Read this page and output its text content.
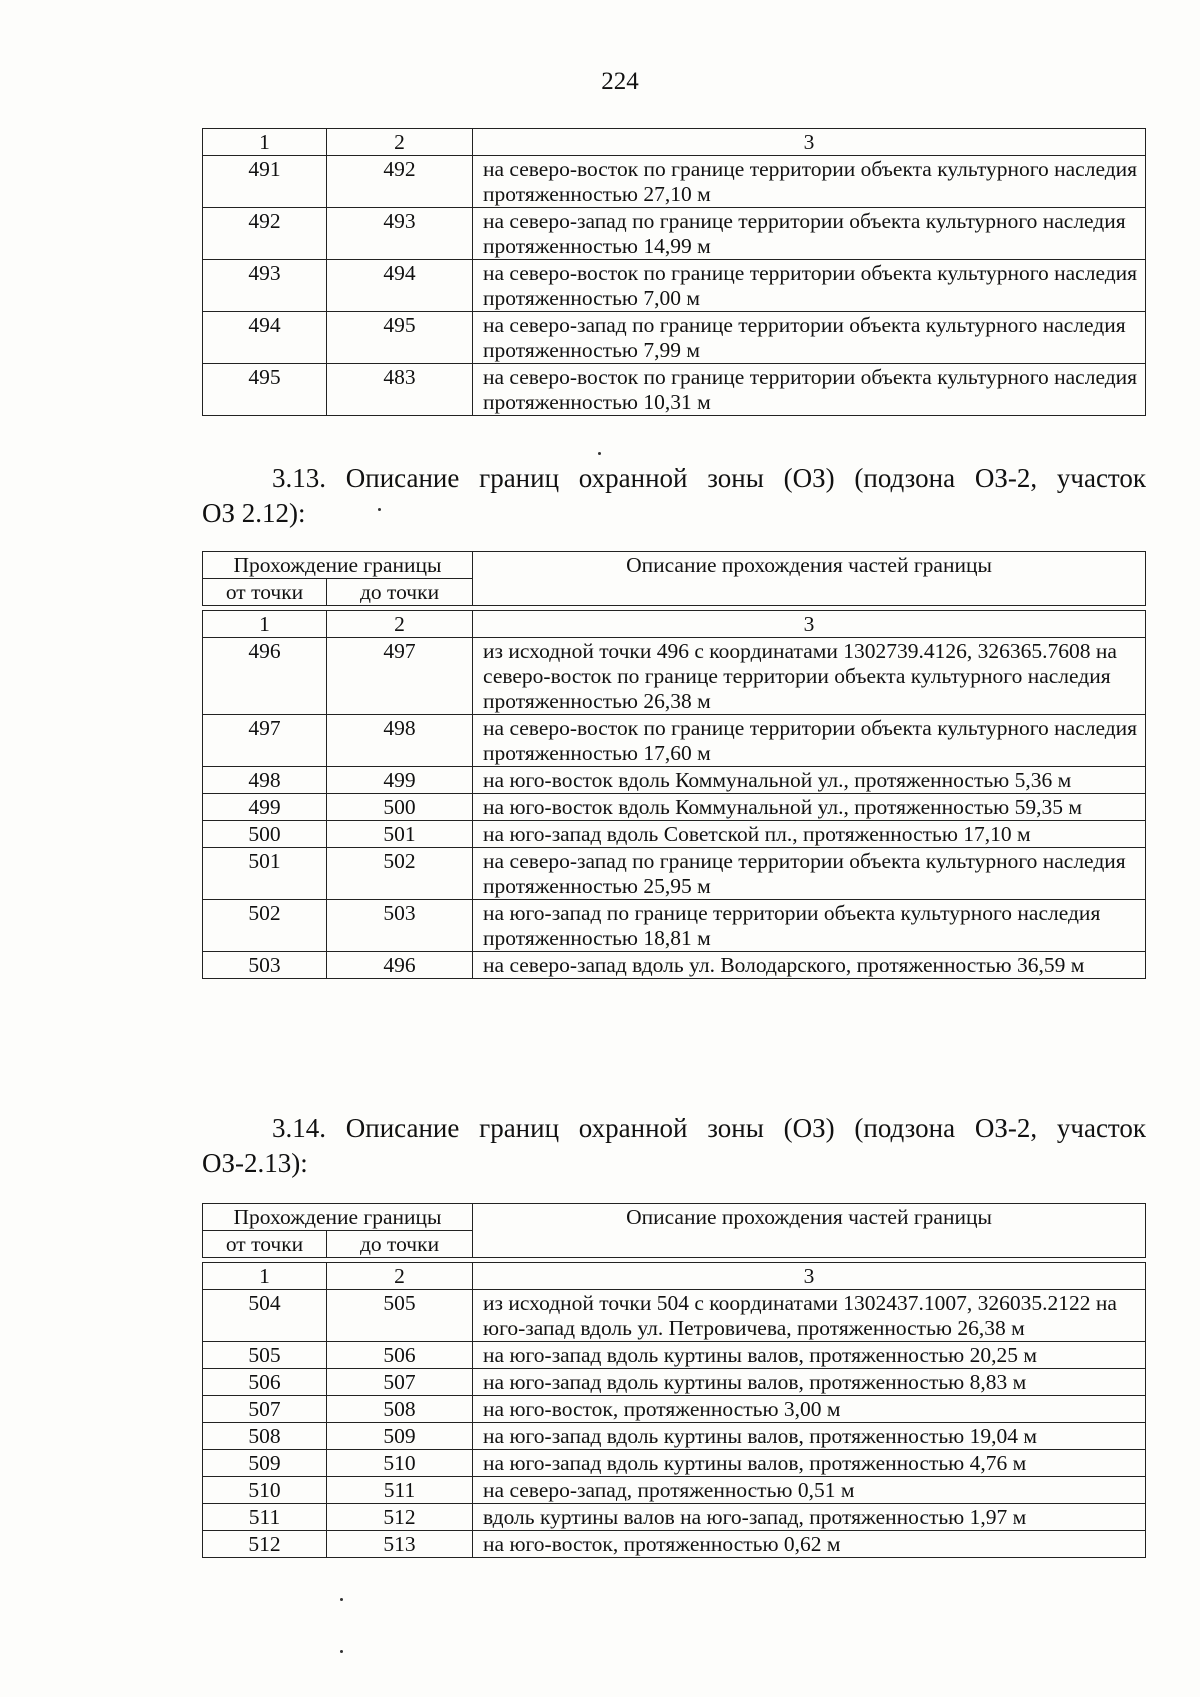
224
1	2	3
491	492	на северо-восток по границе территории объекта культурного наследия протяженностью 27,10 м
492	493	на северо-запад по границе территории объекта культурного наследия протяженностью 14,99 м
493	494	на северо-восток по границе территории объекта культурного наследия протяженностью 7,00 м
494	495	на северо-запад по границе территории объекта культурного наследия протяженностью 7,99 м
495	483	на северо-восток по границе территории объекта культурного наследия протяженностью 10,31 м
3.13. Описание границ охранной зоны (ОЗ) (подзона ОЗ-2, участок
ОЗ 2.12):
Прохождение границы		Описание прохождения частей границы
от точки	до точки	

1	2	3
496	497	из исходной точки 496 с координатами 1302739.4126, 326365.7608 на северо-восток по границе территории объекта культурного наследия протяженностью 26,38 м
497	498	на северо-восток по границе территории объекта культурного наследия протяженностью 17,60 м
498	499	на юго-восток вдоль Коммунальной ул., протяженностью 5,36 м
499	500	на юго-восток вдоль Коммунальной ул., протяженностью 59,35 м
500	501	на юго-запад вдоль Советской пл., протяженностью 17,10 м
501	502	на северо-запад по границе территории объекта культурного наследия протяженностью 25,95 м
502	503	на юго-запад по границе территории объекта культурного наследия протяженностью 18,81 м
503	496	на северо-запад вдоль ул. Володарского, протяженностью 36,59 м
3.14. Описание границ охранной зоны (ОЗ) (подзона ОЗ-2, участок
ОЗ-2.13):
Прохождение границы		Описание прохождения частей границы
от точки	до точки	

1	2	3
504	505	из исходной точки 504 с координатами 1302437.1007, 326035.2122 на юго-запад вдоль ул. Петровичева, протяженностью 26,38 м
505	506	на юго-запад вдоль куртины валов, протяженностью 20,25 м
506	507	на юго-запад вдоль куртины валов, протяженностью 8,83 м
507	508	на юго-восток, протяженностью 3,00 м
508	509	на юго-запад вдоль куртины валов, протяженностью 19,04 м
509	510	на юго-запад вдоль куртины валов, протяженностью 4,76 м
510	511	на северо-запад, протяженностью 0,51 м
511	512	вдоль куртины валов на юго-запад, протяженностью 1,97 м
512	513	на юго-восток, протяженностью 0,62 м
